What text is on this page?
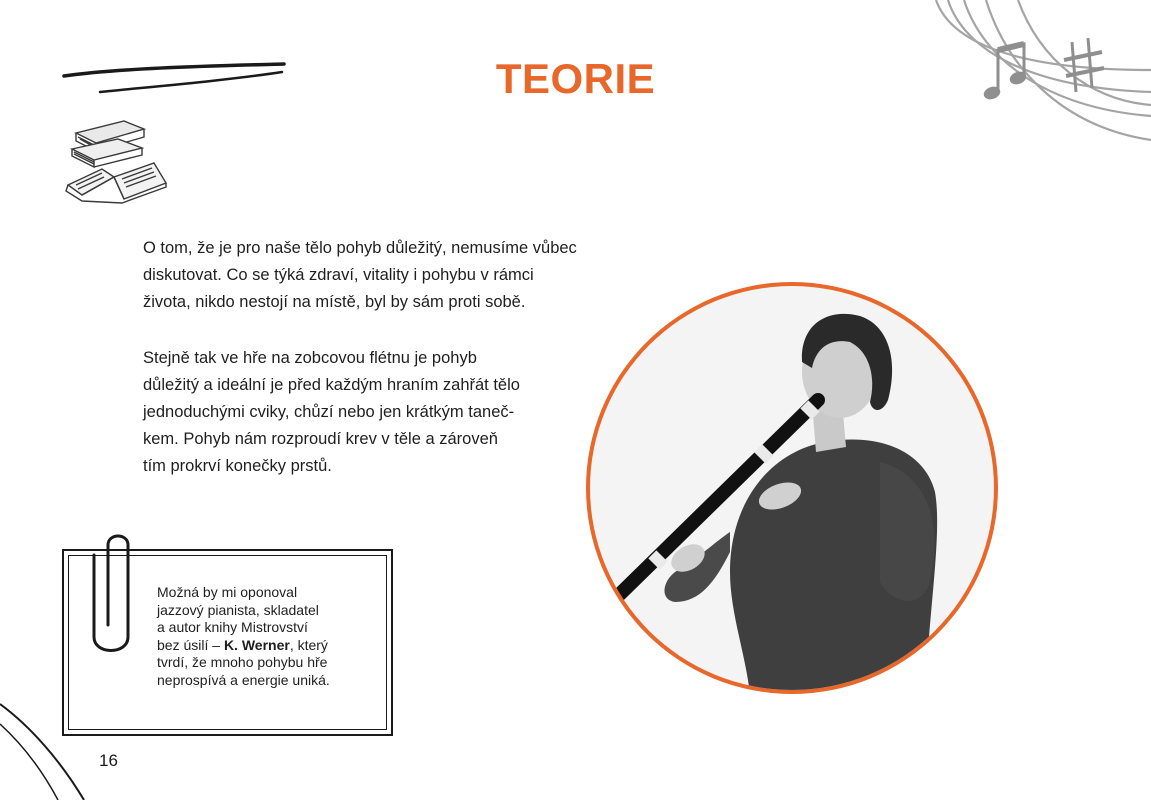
TEORIE
O tom, že je pro naše tělo pohyb důležitý, nemusíme vůbec
diskutovat. Co se týká zdraví, vitality i pohybu v rámci
života, nikdo nestojí na místě, byl by sám proti sobě.
Stejně tak ve hře na zobcovou flétnu je pohyb
důležitý a ideální je před každým hraním zahřát tělo
jednoduchými cviky, chůzí nebo jen krátkým taneč-
kem. Pohyb nám rozproudí krev v těle a zároveň
tím prokrví konečky prstů.
Možná by mi oponoval
jazzový pianista, skladatel
a autor knihy Mistrovství
bez úsilí – K. Werner, který
tvrdí, že mnoho pohybu hře
neprospívá a energie uniká.
16
